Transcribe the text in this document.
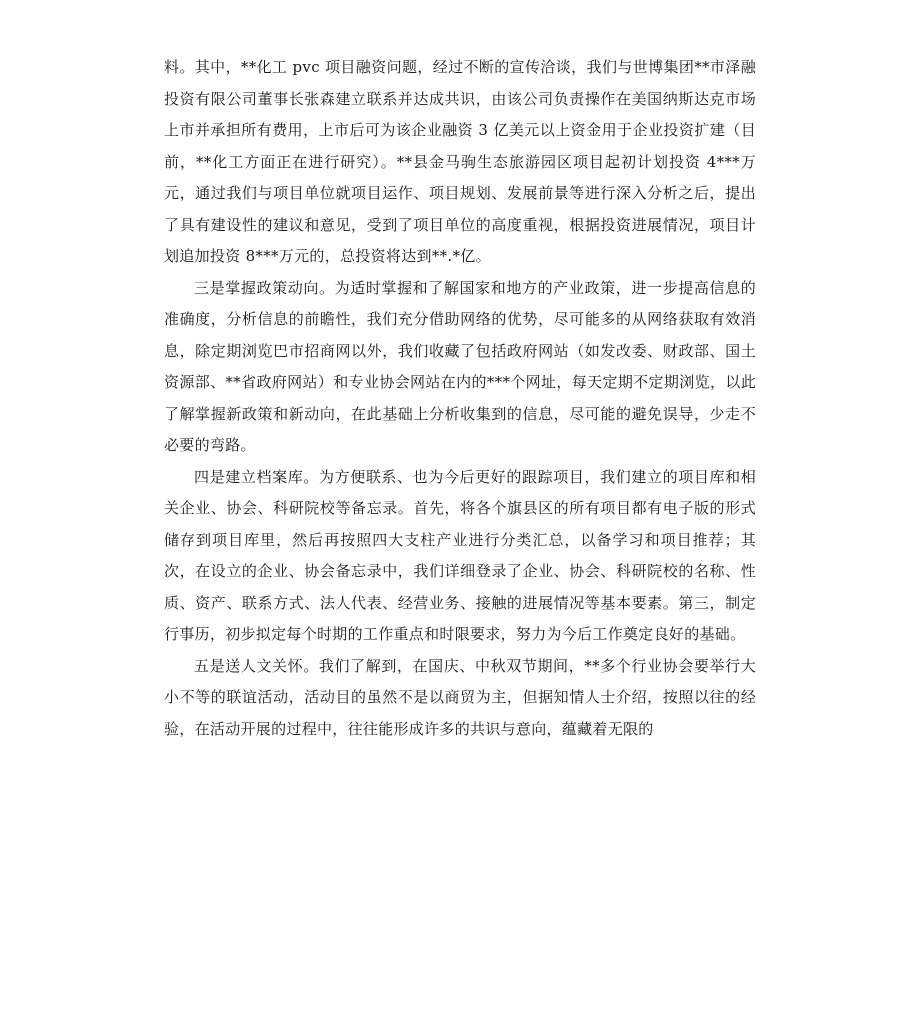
料。其中，**化工 pvc 项目融资问题，经过不断的宣传洽谈，我们与世博集团**市泽融投资有限公司董事长张森建立联系并达成共识，由该公司负责操作在美国纳斯达克市场上市并承担所有费用，上市后可为该企业融资 3 亿美元以上资金用于企业投资扩建（目前，**化工方面正在进行研究）。**县金马驹生态旅游园区项目起初计划投资 4***万元，通过我们与项目单位就项目运作、项目规划、发展前景等进行深入分析之后，提出了具有建设性的建议和意见，受到了项目单位的高度重视，根据投资进展情况，项目计划追加投资 8***万元的，总投资将达到**.*亿。

三是掌握政策动向。为适时掌握和了解国家和地方的产业政策，进一步提高信息的准确度，分析信息的前瞻性，我们充分借助网络的优势，尽可能多的从网络获取有效消息，除定期浏览巴市招商网以外，我们收藏了包括政府网站（如发改委、财政部、国土资源部、**省政府网站）和专业协会网站在内的***个网址，每天定期不定期浏览，以此了解掌握新政策和新动向，在此基础上分析收集到的信息，尽可能的避免误导，少走不必要的弯路。

四是建立档案库。为方便联系、也为今后更好的跟踪项目，我们建立的项目库和相关企业、协会、科研院校等备忘录。首先，将各个旗县区的所有项目都有电子版的形式储存到项目库里，然后再按照四大支柱产业进行分类汇总，以备学习和项目推荐；其次，在设立的企业、协会备忘录中，我们详细登录了企业、协会、科研院校的名称、性质、资产、联系方式、法人代表、经营业务、接触的进展情况等基本要素。第三，制定行事历，初步拟定每个时期的工作重点和时限要求，努力为今后工作奠定良好的基础。

五是送人文关怀。我们了解到，在国庆、中秋双节期间，**多个行业协会要举行大小不等的联谊活动，活动目的虽然不是以商贸为主，但据知情人士介绍，按照以往的经验，在活动开展的过程中，往往能形成许多的共识与意向，蕴藏着无限的
